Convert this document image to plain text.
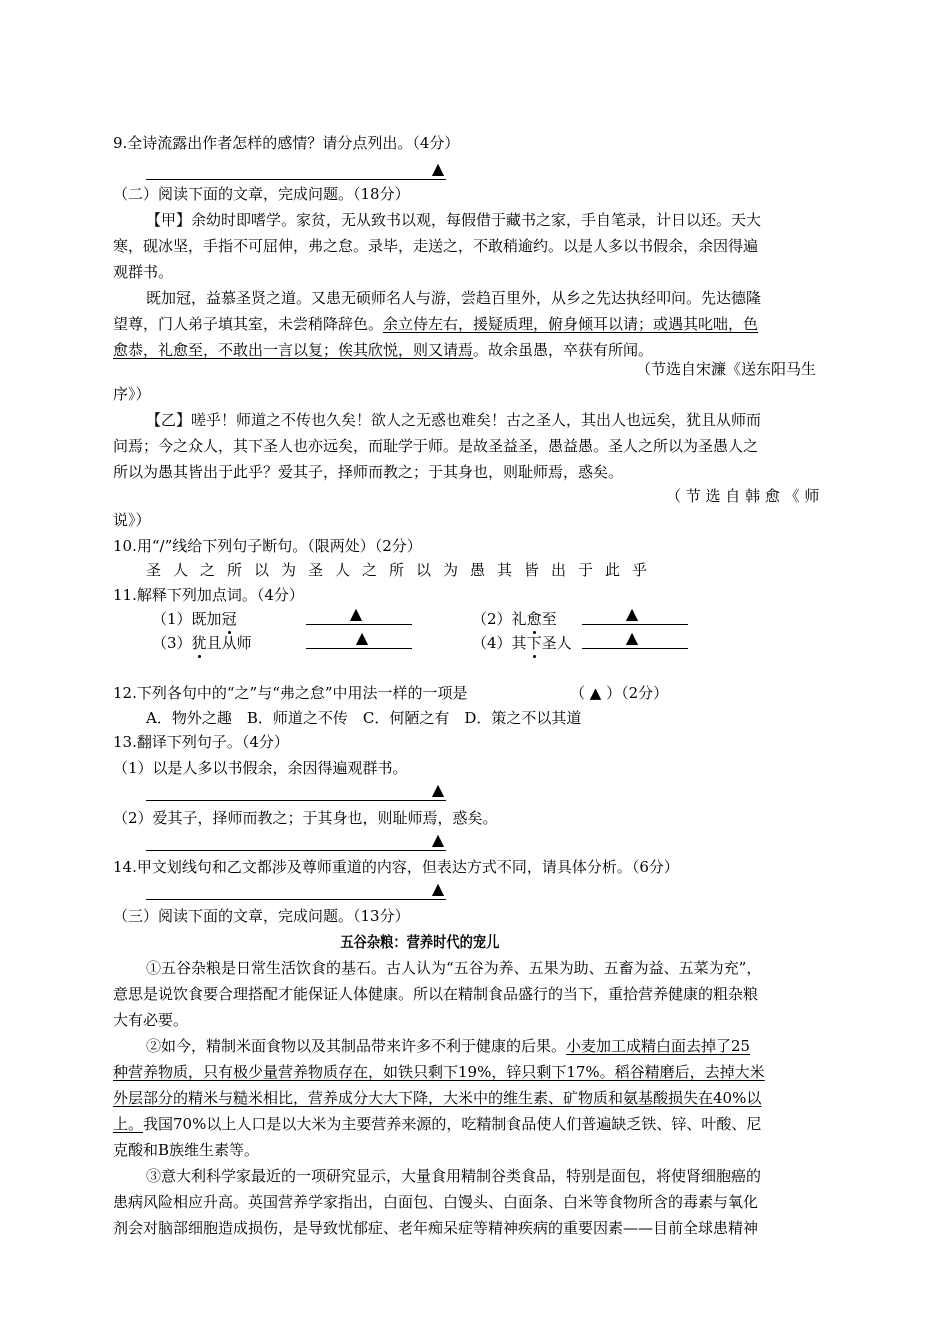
9.全诗流露出作者怎样的感情？请分点列出。（4分）
▲
（二）阅读下面的文章，完成问题。（18分）
【甲】余幼时即嗜学。家贫，无从致书以观，每假借于藏书之家，手自笔录，计日以还。天大
寒，砚冰坚，手指不可屈伸，弗之怠。录毕，走送之，不敢稍逾约。以是人多以书假余，余因得遍
观群书。
既加冠，益慕圣贤之道。又患无硕师名人与游，尝趋百里外，从乡之先达执经叩问。先达德隆
望尊，门人弟子填其室，未尝稍降辞色。余立侍左右，援疑质理，俯身倾耳以请；或遇其叱咄，色
愈恭，礼愈至，不敢出一言以复；俟其欣悦，则又请焉。故余虽愚，卒获有所闻。
（节选自宋濂《送东阳马生
序》）
【乙】嗟乎！师道之不传也久矣！欲人之无惑也难矣！古之圣人，其出人也远矣，犹且从师而
问焉；今之众人，其下圣人也亦远矣，而耻学于师。是故圣益圣，愚益愚。圣人之所以为圣愚人之
所以为愚其皆出于此乎？爱其子，择师而教之；于其身也，则耻师焉，惑矣。
（ 节 选 自 韩 愈 《 师
说》）
10.用“/”线给下列句子断句。（限两处）（2分）
圣人之所以为圣人之所以为愚其皆出于此乎
11.解释下列加点词。（4分）
（1）既加冠	▲	（2）礼愈至	▲
（3）犹且从师	▲	（4）其下圣人	▲
12.下列各句中的“之”与“弗之怠”中用法一样的一项是	（ ▲ ）（2分）
A．物外之趣　B．师道之不传　C．何陋之有　D．策之不以其道
13.翻译下列句子。（4分）
（1）以是人多以书假余，余因得遍观群书。
▲
（2）爱其子，择师而教之；于其身也，则耻师焉，惑矣。
▲
14.甲文划线句和乙文都涉及尊师重道的内容，但表达方式不同，请具体分析。（6分）
▲
（三）阅读下面的文章，完成问题。（13分）
五谷杂粮：营养时代的宠儿
①五谷杂粮是日常生活饮食的基石。古人认为“五谷为养、五果为助、五畜为益、五菜为充”，
意思是说饮食要合理搭配才能保证人体健康。所以在精制食品盛行的当下，重拾营养健康的粗杂粮
大有必要。
②如今，精制米面食物以及其制品带来许多不利于健康的后果。小麦加工成精白面去掉了25
种营养物质，只有极少量营养物质存在，如铁只剩下19%，锌只剩下17%。稻谷精磨后，去掉大米
外层部分的精米与糙米相比，营养成分大大下降，大米中的维生素、矿物质和氨基酸损失在40%以
上。我国70%以上人口是以大米为主要营养来源的，吃精制食品使人们普遍缺乏铁、锌、叶酸、尼
克酸和B族维生素等。
③意大利科学家最近的一项研究显示，大量食用精制谷类食品，特别是面包，将使肾细胞癌的
患病风险相应升高。英国营养学家指出，白面包、白馒头、白面条、白米等食物所含的毒素与氧化
剂会对脑部细胞造成损伤，是导致忧郁症、老年痴呆症等精神疾病的重要因素——目前全球患精神
